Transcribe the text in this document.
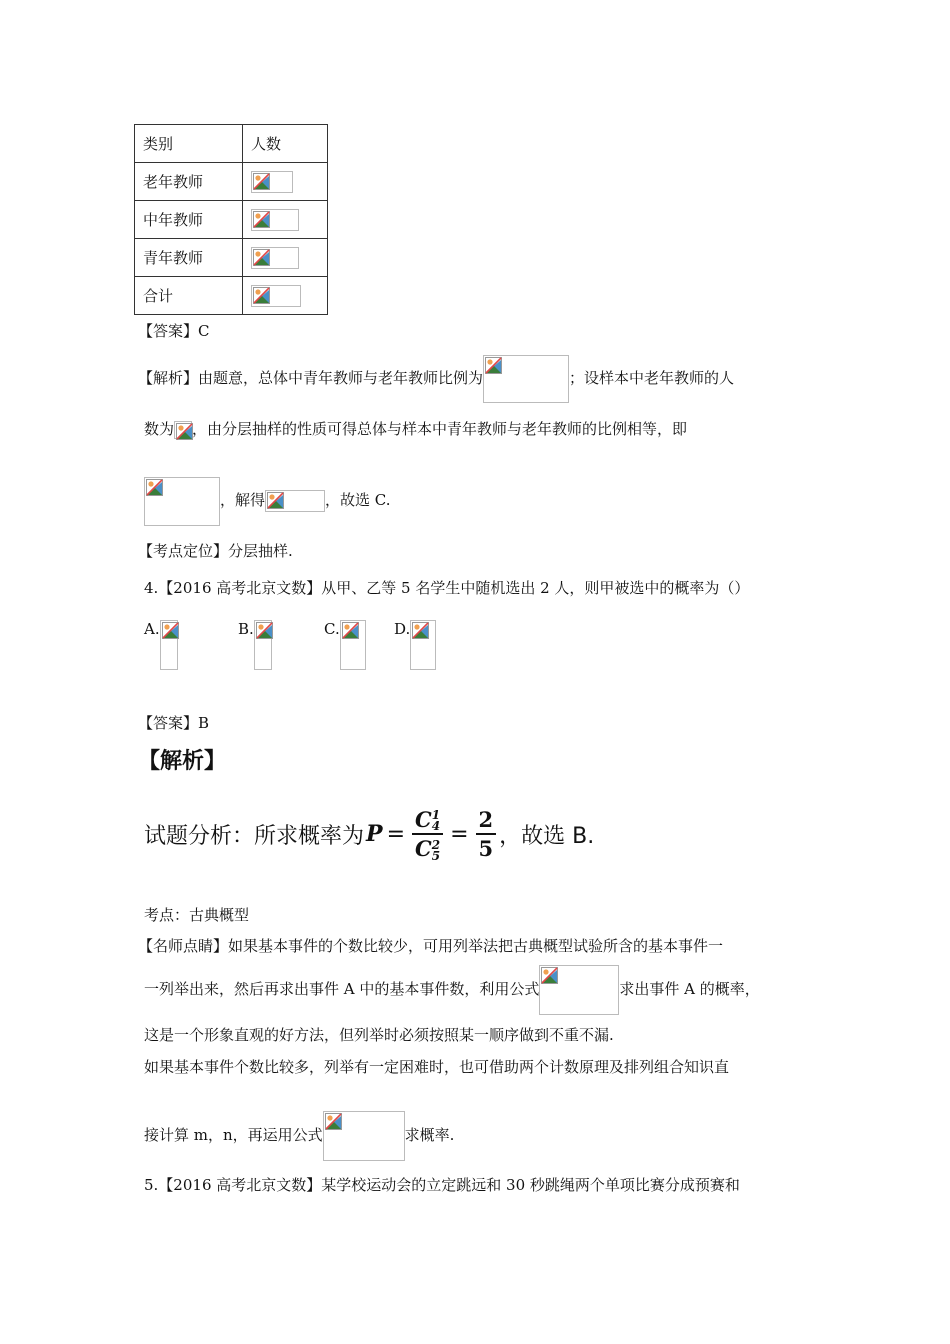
类别	人数
老年教师	

中年教师	

青年教师	

合计	
【答案】C
【解析】由题意，总体中青年教师与老年教师比例为	；设样本中老年教师的人
数为 ，由分层抽样的性质可得总体与样本中青年教师与老年教师的比例相等，即
，解得	，故选 C.
【考点定位】分层抽样.
4.【2016 高考北京文数】从甲、乙等 5 名学生中随机选出 2 人，则甲被选中的概率为（）
A.	B.	C.	D.
【答案】B
【解析】
试题分析：所求概率为 P = C 1
4
C 2
$5 = \frac{2}{5}$ ，故选 B.
考点：古典概型
【名师点睛】如果基本事件的个数比较少，可用列举法把古典概型试验所含的基本事件一
一列举出来，然后再求出事件 A 中的基本事件数，利用公式	求出事件 A 的概率，
这是一个形象直观的好方法，但列举时必须按照某一顺序做到不重不漏.
如果基本事件个数比较多，列举有一定困难时，也可借助两个计数原理及排列组合知识直
接计算 m，n，再运用公式	求概率.
5.【2016 高考北京文数】某学校运动会的立定跳远和 30 秒跳绳两个单项比赛分成预赛和
